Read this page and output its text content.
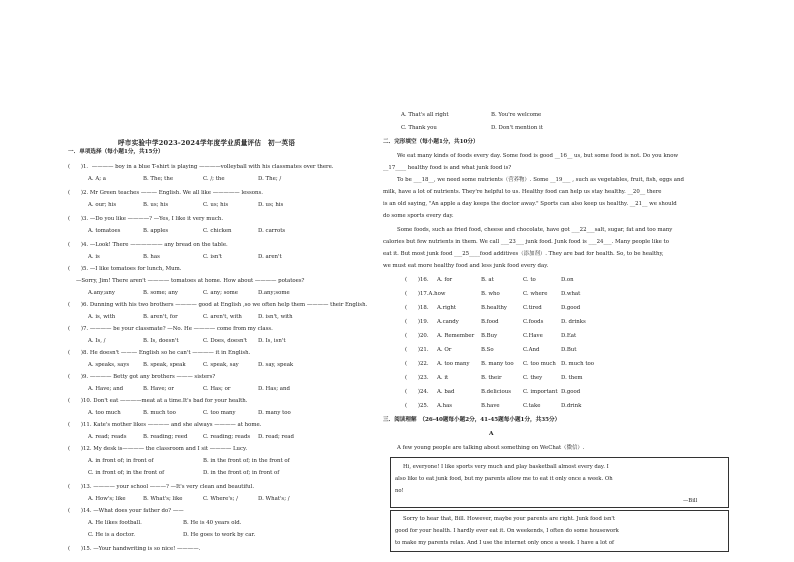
呼市实验中学2023-2024学年度学业质量评估　初一英语
一．单项选择（每小题1分，共15分）
(　　)1．———— boy in a blue T-shirt is playing ————volleyball with his classmates over there.
A. A; a	B. The; the	C. /; the	D. The; /
(　　)2. Mr Green teaches ——— English. We all like ————— lessons.
A. our; his	B. us; his	C. us; his	D. us; his
(　　)3. —Do you like ————? —Yes, I like it very much.
A. tomatoes	B. apples	C. chicken	D. carrots
(　　)4. —Look! There —————— any bread on the table.
A. is	B. has	C. isn't	D. aren't
(　　)5. —I like tomatoes for lunch, Mum.
—Sorry, Jim! There aren't ———— tomatoes at home. How about ———— potatoes?
A.any;any	B. some; any	C. any; some	D.any;some
(　　)6. Dunning with his two brothers ———— good at English ,so we often help them ———— their English.
A. is, with	B. aren't, for	C. aren't, with	D. isn't, with
(　　)7. ———— be your classmate? —No. He ———— come from my class.
A. Is, /	B. Is, doesn't	C. Does, doesn't D. Is, isn't
(　　)8. He doesn't ——— English so he can't ———— it in English.
A. speaks, says	B. speak, speak	C. speak, say	D. say, speak
(　　)9. ———— Betty got any brothers ——— sisters?
A. Have; and	B. Have; or	C. Has; or	D. Has; and
(　　)10. Don't eat ————meat at a time.It's bad for your health.
A. too much	B. much too	C. too many	D. many too
(　　)11. Kate's mother likes ———— and she always ———— at home.
A. read; reads	B. reading; reed	C. reading; reads D. read; read
(　　)12. My desk is———— the classroom and I sit ———— Lucy.
A. in front of; in front of	B. in the front of; in the front of
C. in front of; in the front of	D. in the front of; in front of
(　　)13. ———— your school ———? —It's very clean and beautiful.
A. How's; like	B. What's; like	C. Where's; /	D. What's; /
(　　)14. —What does your father do? ——
A. He likes football.	B. He is 40 years old.
C. He is a doctor.	D. He goes to work by car.
(　　)15. —Your handwriting is so nice! ————.
A. That's all right	B. You're welcome
C. Thank you	D. Don't mention it
二．完形填空（每小题1分，共10分）
We eat many kinds of foods every day. Some food is good __16__ us, but some food is not. Do you know
__17____ healthy food is and what junk food is?
To be ___18__, we need some nutrients（营养物）. Some __19___ , such as vegetables, fruit, fish, eggs and
milk, have a lot of nutrients. They're helpful to us. Healthy food can help us stay healthy. __20__ there
is an old saying, "An apple a day keeps the doctor away." Sports can also keep us healthy. __21__ we should
do some sports every day.
Some foods, such as fried food, cheese and chocolate, have got ___22___salt, sugar, fat and too many
calories but few nutrients in them. We call ___23___ junk food. Junk food is ___24___. Many people like to
eat it. But most junk food ___25____food additives（添加剂）. They are bad for health. So, to be healthy,
we must eat more healthy food and less junk food every day.
(　　)16. A. for	B. at	C. to	D.on
(　　)17.A.how	B. who	C. where	D.what
(　　)18. A.right	B.healthy	C.tired	D.good
(　　)19. A.candy	B.food	C.foods	D. drinks
(　　)20. A. Remember B.Buy	C.Have	D.Eat
(　　)21. A. Or	B.So	C.And	D.But
(　　)22. A. too many B. many too C. too much D. much too
(　　)23. A. it	B. their	C. they	D. them
(　　)24. A. bad	B.delicious C. important D.good
(　　)25. A.has	B.have	C.take	D.drink
三．阅读理解　（26-40题每小题2分，41-45题每小题1分，共35分）
A
A few young people are talking about something on WeChat（微信）.
Hi, everyone! I like sports very much and play basketball almost every day. I
also like to eat junk food, but my parents allow me to eat it only once a week. Oh
no!
—Bill
Sorry to hear that, Bill. However, maybe your parents are right. Junk food isn't
good for your health. I hardly ever eat it. On weekends, I often do some housework
to make my parents relax. And I use the internet only once a week. I have a lot of
